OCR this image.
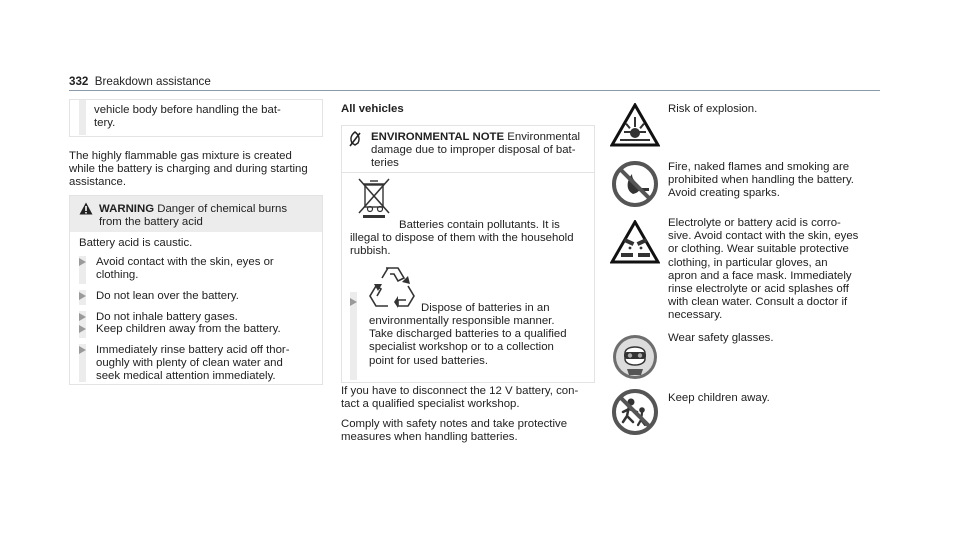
332 Breakdown assistance
vehicle body before handling the bat-
tery.
The highly flammable gas mixture is created
while the battery is charging and during starting
assistance.
WARNING Danger of chemical burns
from the battery acid
Battery acid is caustic.
Avoid contact with the skin, eyes or
clothing.
Do not lean over the battery.
Do not inhale battery gases.
Keep children away from the battery.
Immediately rinse battery acid off thor-
oughly with plenty of clean water and
seek medical attention immediately.
All vehicles
ENVIRONMENTAL NOTE Environmental
damage due to improper disposal of bat-
teries
Batteries contain pollutants. It is
illegal to dispose of them with the household
rubbish.
Dispose of batteries in an
environmentally responsible manner.
Take discharged batteries to a qualified
specialist workshop or to a collection
point for used batteries.
If you have to disconnect the 12 V battery, con-
tact a qualified specialist workshop.
Comply with safety notes and take protective
measures when handling batteries.
Risk of explosion.
Fire, naked flames and smoking are
prohibited when handling the battery.
Avoid creating sparks.
Electrolyte or battery acid is corro-
sive. Avoid contact with the skin, eyes
or clothing. Wear suitable protective
clothing, in particular gloves, an
apron and a face mask. Immediately
rinse electrolyte or acid splashes off
with clean water. Consult a doctor if
necessary.
Wear safety glasses.
Keep children away.
